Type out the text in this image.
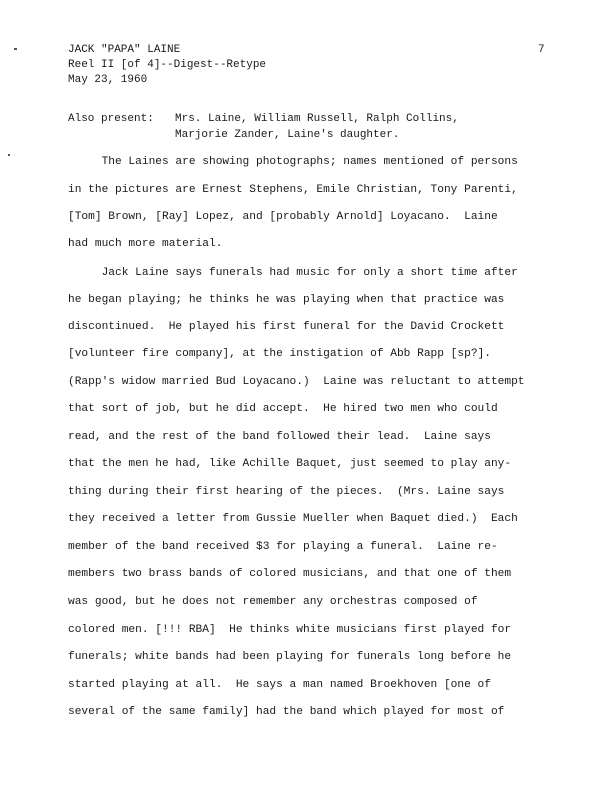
JACK "PAPA" LAINE
Reel II [of 4]--Digest--Retype
May 23, 1960
7
Also present: Mrs. Laine, William Russell, Ralph Collins,
Marjorie Zander, Laine's daughter.
The Laines are showing photographs; names mentioned of persons
in the pictures are Ernest Stephens, Emile Christian, Tony Parenti,
[Tom] Brown, [Ray] Lopez, and [probably Arnold] Loyacano.  Laine
had much more material.
Jack Laine says funerals had music for only a short time after
he began playing; he thinks he was playing when that practice was
discontinued.  He played his first funeral for the David Crockett
[volunteer fire company], at the instigation of Abb Rapp [sp?].
(Rapp's widow married Bud Loyacano.)  Laine was reluctant to attempt
that sort of job, but he did accept.  He hired two men who could
read, and the rest of the band followed their lead.  Laine says
that the men he had, like Achille Baquet, just seemed to play any-
thing during their first hearing of the pieces.  (Mrs. Laine says
they received a letter from Gussie Mueller when Baquet died.)  Each
member of the band received $3 for playing a funeral.  Laine re-
members two brass bands of colored musicians, and that one of them
was good, but he does not remember any orchestras composed of
colored men. [!!! RBA]  He thinks white musicians first played for
funerals; white bands had been playing for funerals long before he
started playing at all.  He says a man named Broekhoven [one of
several of the same family] had the band which played for most of
